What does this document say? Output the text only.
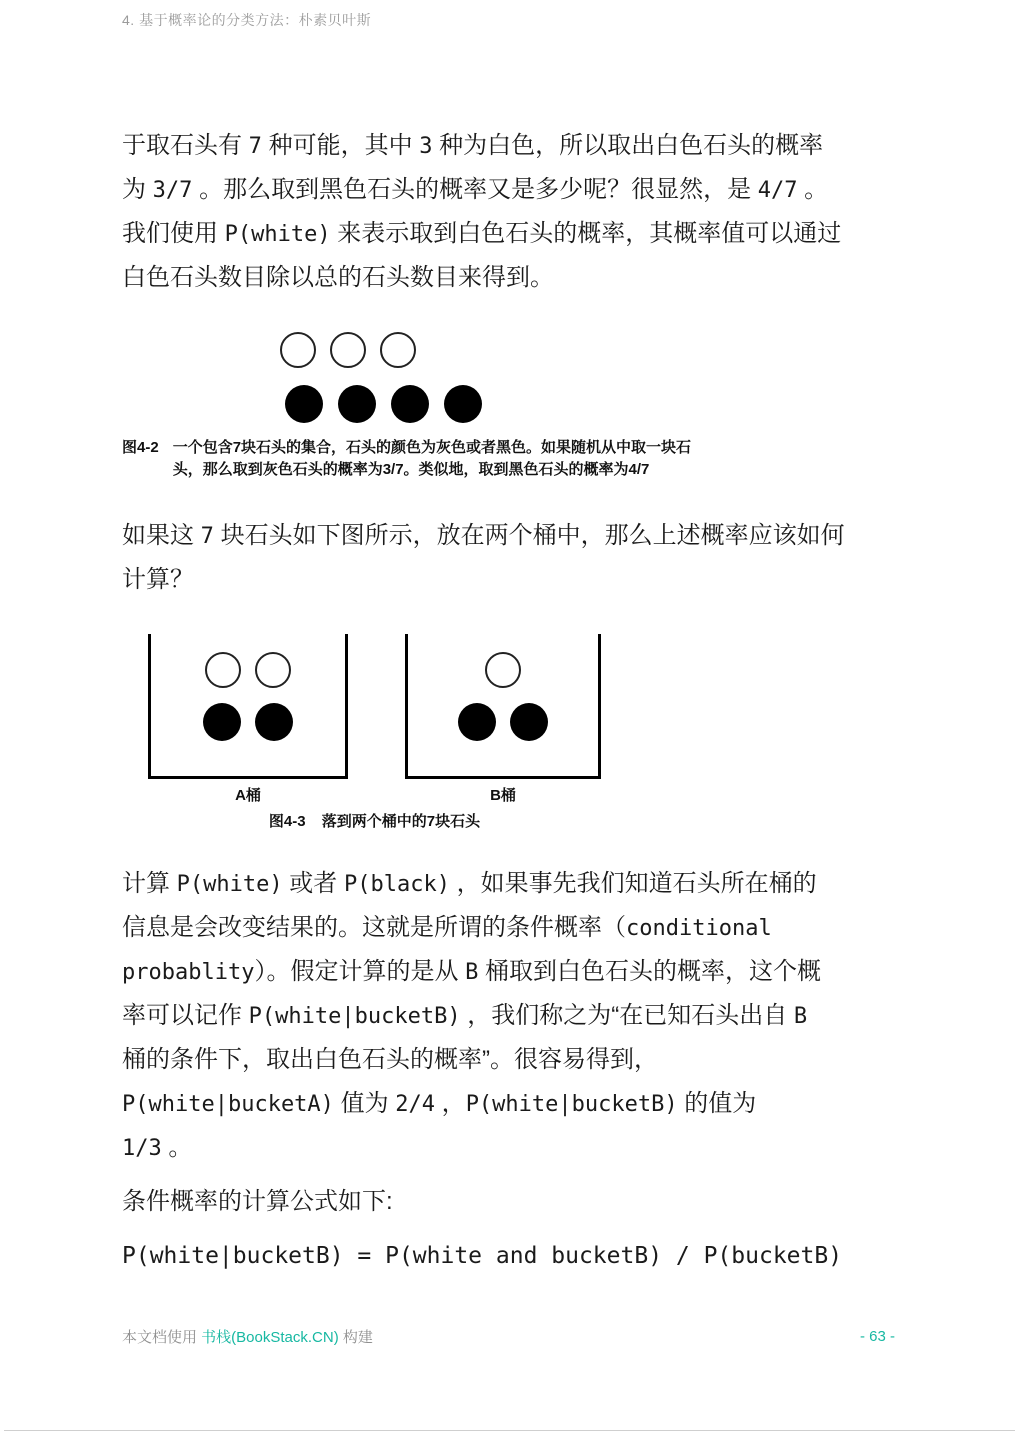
4. 基于概率论的分类方法：朴素贝叶斯
于取石头有 7 种可能，其中 3 种为白色，所以取出白色石头的概率
为 3/7 。那么取到黑色石头的概率又是多少呢？很显然，是 4/7 。
我们使用 P(white) 来表示取到白色石头的概率，其概率值可以通过
白色石头数目除以总的石头数目来得到。
图4-2 一个包含7块石头的集合，石头的颜色为灰色或者黑色。如果随机从中取一块石头，那么取到灰色石头的概率为3/7。类似地，取到黑色石头的概率为4/7
如果这 7 块石头如下图所示，放在两个桶中，那么上述概率应该如何
计算？
A桶	B桶
图4-3 落到两个桶中的7块石头
计算 P(white) 或者 P(black) ，如果事先我们知道石头所在桶的
信息是会改变结果的。这就是所谓的条件概率（conditional
probablity）。假定计算的是从 B 桶取到白色石头的概率，这个概
率可以记作 P(white|bucketB) ，我们称之为“在已知石头出自 B
桶的条件下，取出白色石头的概率”。很容易得到，
P(white|bucketA) 值为 2/4 ，P(white|bucketB) 的值为
1/3 。
条件概率的计算公式如下:
P(white|bucketB) = P(white and bucketB) / P(bucketB)
本文档使用 书栈(BookStack.CN) 构建	- 63 -
